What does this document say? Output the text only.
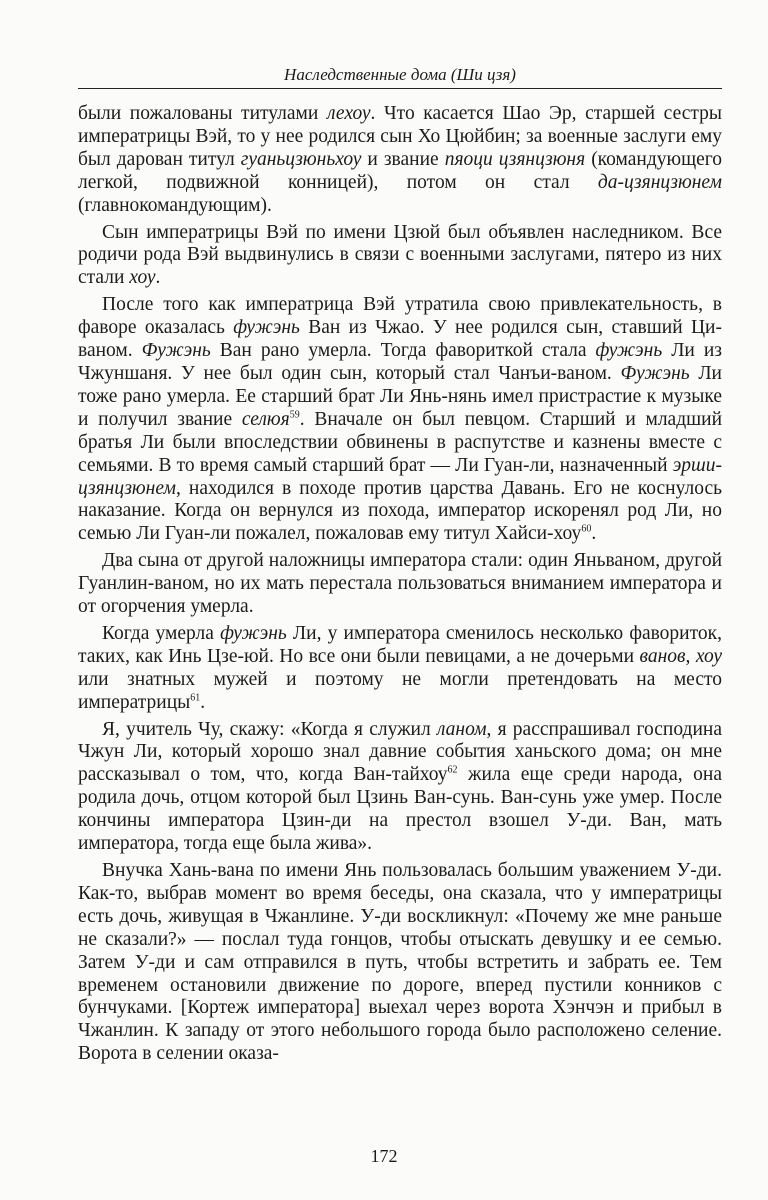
Наследственные дома (Ши цзя)

были пожалованы титулами лехоу. Что касается Шао Эр, старшей сестры императрицы Вэй, то у нее родился сын Хо Цюйбин; за военные заслуги ему был дарован титул гуаньцзюньхоу и звание пяоци цзянцзюня (командующего легкой, подвижной конницей), потом он стал да-цзянцзюнем (главнокомандующим).

Сын императрицы Вэй по имени Цзюй был объявлен наследником. Все родичи рода Вэй выдвинулись в связи с военными заслугами, пятеро из них стали хоу.

После того как императрица Вэй утратила свою привлекательность, в фаворе оказалась фужэнь Ван из Чжао. У нее родился сын, ставший Ци-ваном. Фужэнь Ван рано умерла. Тогда фавориткой стала фужэнь Ли из Чжуншаня. У нее был один сын, который стал Чанъи-ваном. Фужэнь Ли тоже рано умерла. Ее старший брат Ли Янь-нянь имел пристрастие к музыке и получил звание селюя$^{59}$. Вначале он был певцом. Старший и младший братья Ли были впоследствии обвинены в распутстве и казнены вместе с семьями. В то время самый старший брат — Ли Гуан-ли, назначенный эрши-цзянцзюнем, находился в походе против царства Давань. Его не коснулось наказание. Когда он вернулся из похода, император искоренял род Ли, но семью Ли Гуан-ли пожалел, пожаловав ему титул Хайси-хоу$^{60}$.

Два сына от другой наложницы императора стали: один Яньваном, другой Гуанлин-ваном, но их мать перестала пользоваться вниманием императора и от огорчения умерла.

Когда умерла фужэнь Ли, у императора сменилось несколько фавориток, таких, как Инь Цзе-юй. Но все они были певицами, а не дочерьми ванов, хоу или знатных мужей и поэтому не могли претендовать на место императрицы$^{61}$.

Я, учитель Чу, скажу: «Когда я служил ланом, я расспрашивал господина Чжун Ли, который хорошо знал давние события ханьского дома; он мне рассказывал о том, что, когда Ван-тайхоу$^{62}$ жила еще среди народа, она родила дочь, отцом которой был Цзинь Ван-сунь. Ван-сунь уже умер. После кончины императора Цзин-ди на престол взошел У-ди. Ван, мать императора, тогда еще была жива».

Внучка Хань-вана по имени Янь пользовалась большим уважением У-ди. Как-то, выбрав момент во время беседы, она сказала, что у императрицы есть дочь, живущая в Чжанлине. У-ди воскликнул: «Почему же мне раньше не сказали?» — послал туда гонцов, чтобы отыскать девушку и ее семью. Затем У-ди и сам отправился в путь, чтобы встретить и забрать ее. Тем временем остановили движение по дороге, вперед пустили конников с бунчуками. [Кортеж императора] выехал через ворота Хэнчэн и прибыл в Чжанлин. К западу от этого небольшого города было расположено селение. Ворота в селении оказа-

172
